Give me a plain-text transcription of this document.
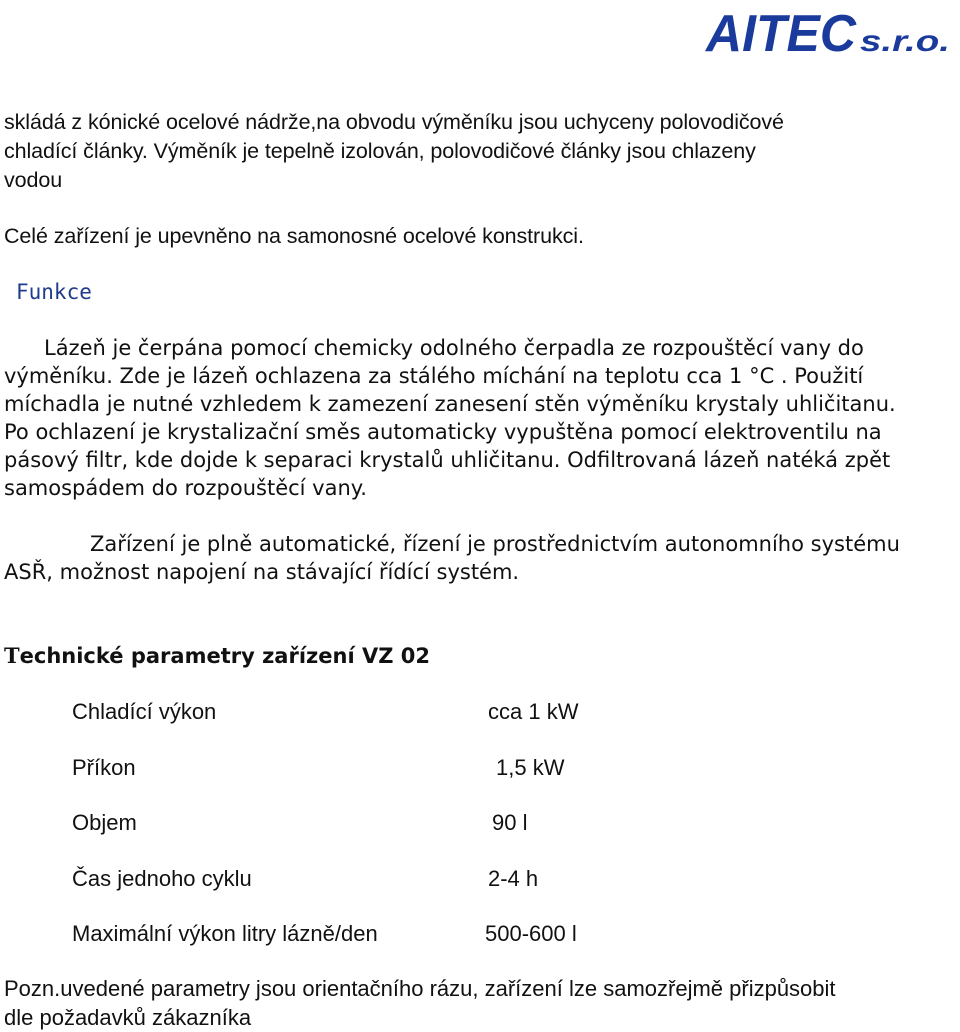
AITEC s.r.o.

skládá z kónické ocelové nádrže,na obvodu výměníku jsou uchyceny polovodičové

chladící články. Výměník je tepelně izolován, polovodičové články jsou chlazeny

vodou

Celé zařízení je upevněno na samonosné ocelové konstrukci.

Funkce

Lázeň je čerpána pomocí chemicky odolného čerpadla ze rozpouštěcí vany do

výměníku. Zde je lázeň ochlazena za stálého míchání na teplotu cca 1 °C . Použití

míchadla je nutné vzhledem k zamezení zanesení stěn výměníku krystaly uhličitanu.

Po ochlazení je krystalizační směs automaticky vypuštěna pomocí elektroventilu na

pásový filtr, kde dojde k separaci krystalů uhličitanu. Odfiltrovaná lázeň natéká zpět

samospádem do rozpouštěcí vany.

Zařízení je plně automatické, řízení je prostřednictvím autonomního systému

ASŘ, možnost napojení na stávající řídící systém.

Technické parametry zařízení VZ 02

Chladící výkon	cca 1 kW
Příkon	1,5 kW
Objem	90 l
Čas jednoho cyklu	2-4 h
Maximální výkon litry lázně/den	500-600 l
Pozn.uvedené parametry jsou orientačního rázu, zařízení lze samozřejmě přizpůsobit
dle požadavků zákazníka
